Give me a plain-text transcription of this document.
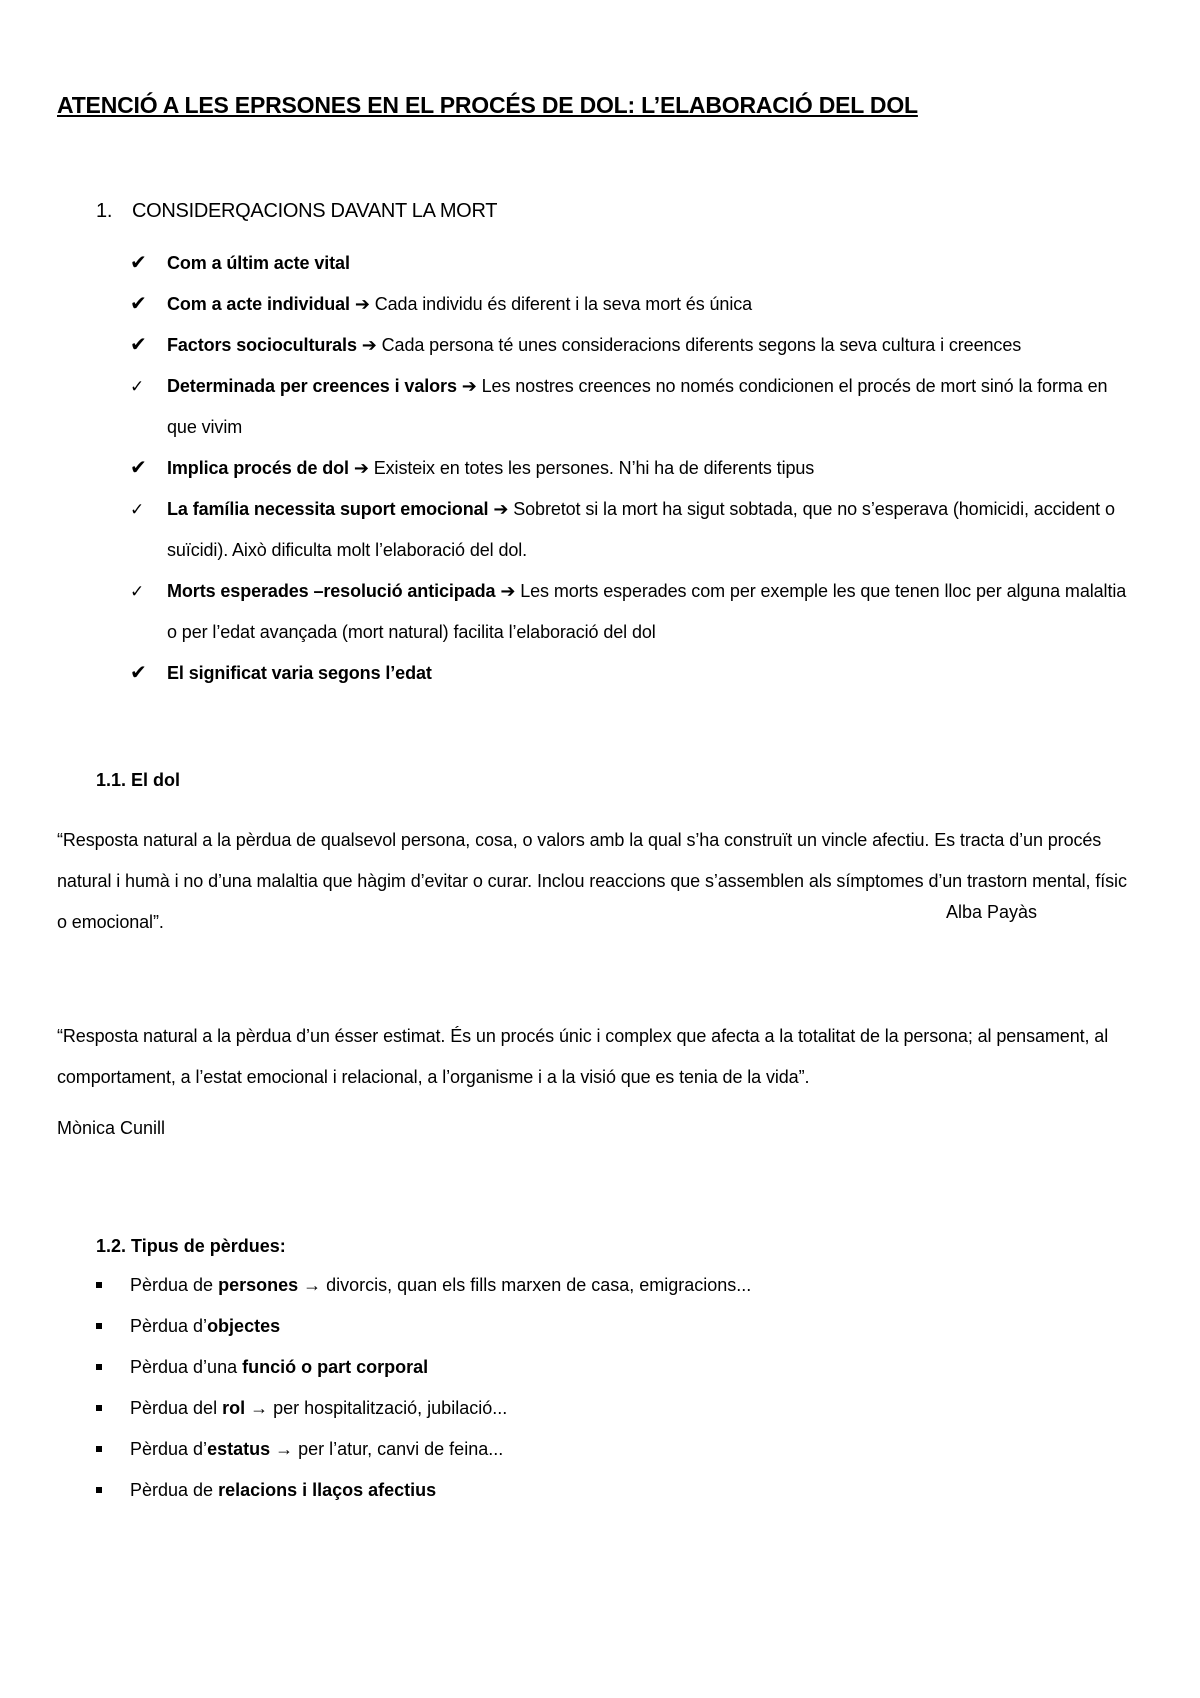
ATENCIÓ A LES EPRSONES EN EL PROCÉS DE DOL: L’ELABORACIÓ DEL DOL
1. CONSIDERQACIONS DAVANT LA MORT
✔ Com a últim acte vital
✔ Com a acte individual ➔ Cada individu és diferent i la seva mort és única
✔ Factors socioculturals ➔ Cada persona té unes consideracions diferents segons la seva cultura i creences
✓ Determinada per creences i valors ➔ Les nostres creences no només condicionen el procés de mort sinó la forma en que vivim
✔ Implica procés de dol ➔ Existeix en totes les persones. N’hi ha de diferents tipus
✓ La família necessita suport emocional ➔ Sobretot si la mort ha sigut sobtada, que no s’esperava (homicidi, accident o suïcidi). Això dificulta molt l’elaboració del dol.
✓ Morts esperades –resolució anticipada ➔ Les morts esperades com per exemple les que tenen lloc per alguna malaltia o per l’edat avançada (mort natural) facilita l’elaboració del dol
✔ El significat varia segons l’edat
1.1. El dol
“Resposta natural a la pèrdua de qualsevol persona, cosa, o valors amb la qual s’ha construït un vincle afectiu. Es tracta d’un procés natural i humà i no d’una malaltia que hàgim d’evitar o curar. Inclou reaccions que s’assemblen als símptomes d’un trastorn mental, físic o emocional”.	Alba Payàs
“Resposta natural a la pèrdua d’un ésser estimat. És un procés únic i complex que afecta a la totalitat de la persona; al pensament, al comportament, a l’estat emocional i relacional, a l’organisme i a la visió que es tenia de la vida”.
Mònica Cunill
1.2. Tipus de pèrdues:
Pèrdua de persones → divorcis, quan els fills marxen de casa, emigracions...
Pèrdua d’objectes
Pèrdua d’una funció o part corporal
Pèrdua del rol → per hospitalització, jubilació...
Pèrdua d’estatus → per l’atur, canvi de feina...
Pèrdua de relacions i llaços afectius
